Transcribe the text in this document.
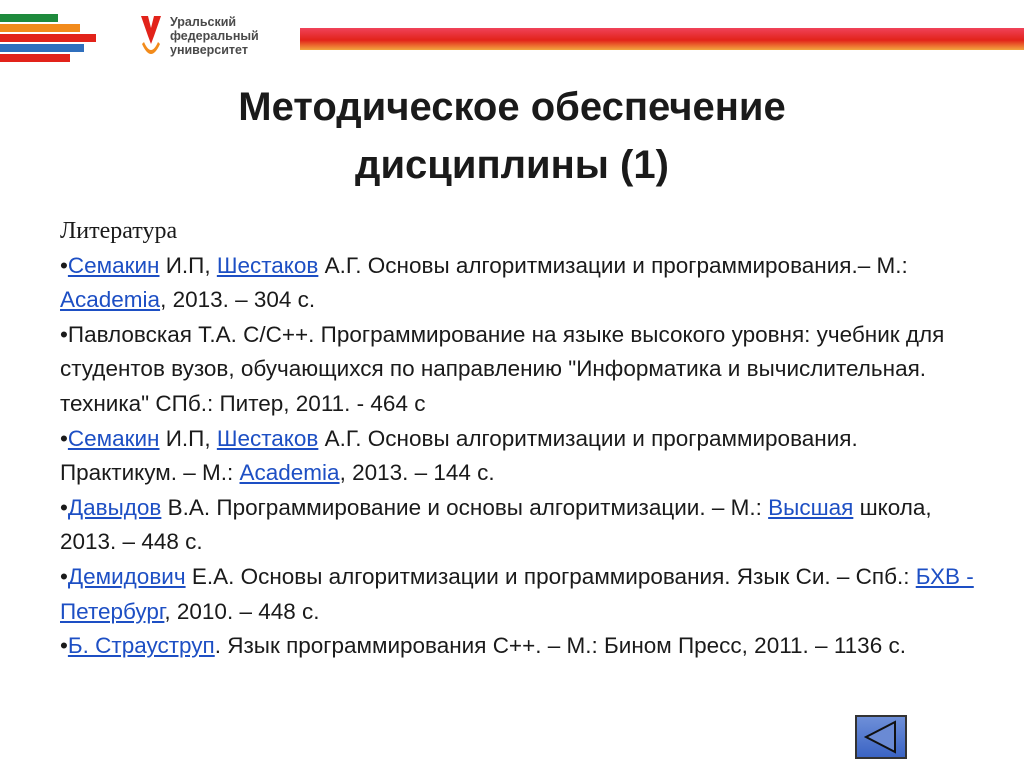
Уральский
федеральный
университет
Методическое обеспечение
дисциплины (1)
Литература
•Семакин И.П, Шестаков А.Г. Основы алгоритмизации и программирования.– М.: Academia, 2013. – 304 с.
•Павловская Т.А. С/С++. Программирование на языке высокого уровня: учебник для студентов вузов, обучающихся по направлению "Информатика и вычислительная. техника" СПб.: Питер, 2011. - 464 с
•Семакин И.П, Шестаков А.Г. Основы алгоритмизации и программирования. Практикум. – М.: Academia, 2013. – 144 с.
•Давыдов В.А. Программирование и основы алгоритмизации. – М.: Высшая школа, 2013. – 448 с.
•Демидович Е.А. Основы алгоритмизации и программирования. Язык Си. – Спб.: БХВ - Петербург, 2010. – 448 с.
•Б. Страуструп. Язык программирования С++. – М.: Бином Пресс, 2011. – 1136 с.
